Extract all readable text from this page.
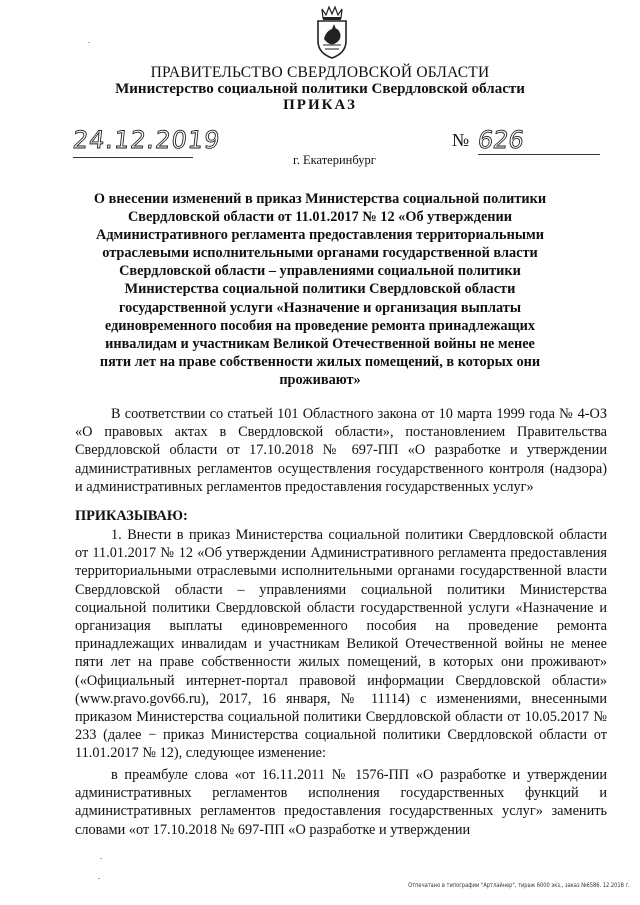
ПРАВИТЕЛЬСТВО СВЕРДЛОВСКОЙ ОБЛАСТИ
Министерство социальной политики Свердловской области
ПРИКАЗ
24.12.2019	№ 626
г. Екатеринбург
О внесении изменений в приказ Министерства социальной политики Свердловской области от 11.01.2017 № 12 «Об утверждении Административного регламента предоставления территориальными отраслевыми исполнительными органами государственной власти Свердловской области – управлениями социальной политики Министерства социальной политики Свердловской области государственной услуги «Назначение и организация выплаты единовременного пособия на проведение ремонта принадлежащих инвалидам и участникам Великой Отечественной войны не менее пяти лет на праве собственности жилых помещений, в которых они проживают»
В соответствии со статьей 101 Областного закона от 10 марта 1999 года № 4-ОЗ «О правовых актах в Свердловской области», постановлением Правительства Свердловской области от 17.10.2018 № 697-ПП «О разработке и утверждении административных регламентов осуществления государственного контроля (надзора) и административных регламентов предоставления государственных услуг»
ПРИКАЗЫВАЮ:
1. Внести в приказ Министерства социальной политики Свердловской области от 11.01.2017 № 12 «Об утверждении Административного регламента предоставления территориальными отраслевыми исполнительными органами государственной власти Свердловской области – управлениями социальной политики Министерства социальной политики Свердловской области государственной услуги «Назначение и организация выплаты единовременного пособия на проведение ремонта принадлежащих инвалидам и участникам Великой Отечественной войны не менее пяти лет на праве собственности жилых помещений, в которых они проживают» («Официальный интернет-портал правовой информации Свердловской области» (www.pravo.gov66.ru), 2017, 16 января, № 11114) с изменениями, внесенными приказом Министерства социальной политики Свердловской области от 10.05.2017 № 233 (далее − приказ Министерства социальной политики Свердловской области от 11.01.2017 № 12), следующее изменение:
в преамбуле слова «от 16.11.2011 № 1576-ПП «О разработке и утверждении административных регламентов исполнения государственных функций и административных регламентов предоставления государственных услуг» заменить словами «от 17.10.2018 № 697-ПП «О разработке и утверждении
Отпечатано в типографии "Артлайнер", тираж 6000 экз., заказ №6586. 12.2018 г.
